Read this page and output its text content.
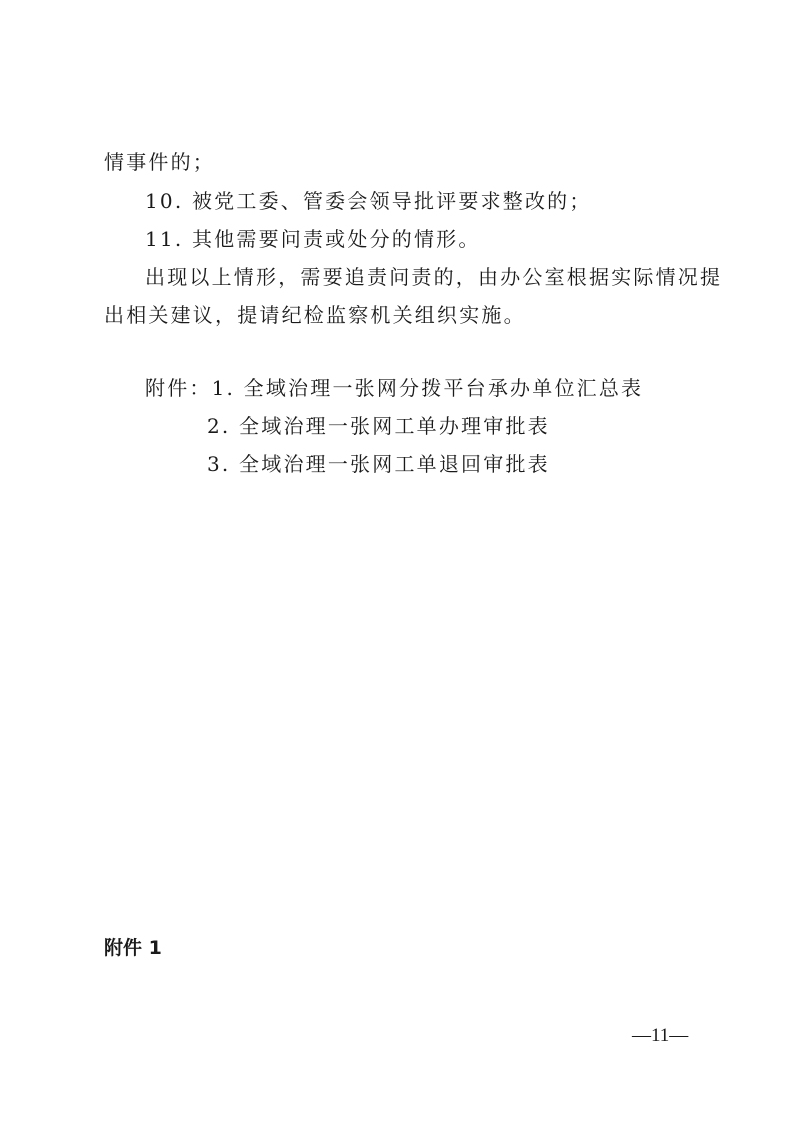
情事件的；
10. 被党工委、管委会领导批评要求整改的；
11. 其他需要问责或处分的情形。
出现以上情形，需要追责问责的，由办公室根据实际情况提
出相关建议，提请纪检监察机关组织实施。
附件：1. 全域治理一张网分拨平台承办单位汇总表
2. 全域治理一张网工单办理审批表
3. 全域治理一张网工单退回审批表
附件 1
—11—
